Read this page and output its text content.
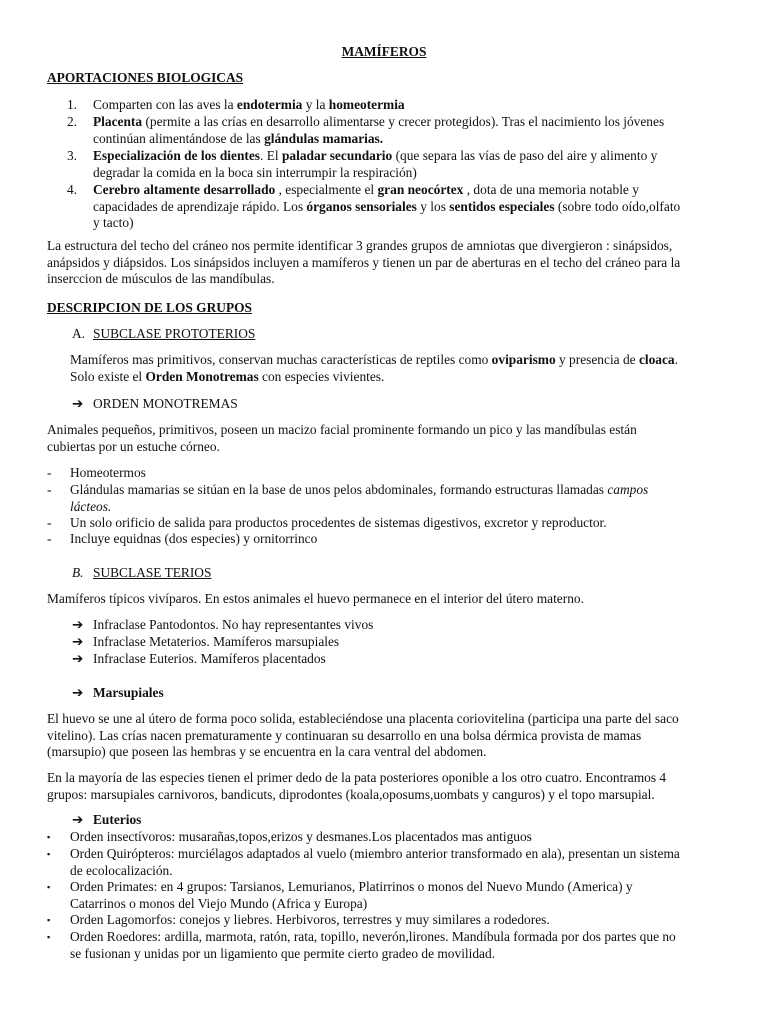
MAMÍFEROS
APORTACIONES BIOLOGICAS
1. Comparten con las aves la endotermia y la homeotermia
2. Placenta (permite a las crías en desarrollo alimentarse y crecer protegidos). Tras el nacimiento los jóvenes
continúan alimentándose de las glándulas mamarias.
3. Especialización de los dientes. El paladar secundario (que separa las vías de paso del aire y alimento y
degradar la comida en la boca sin interrumpir la respiración)
4. Cerebro altamente desarrollado , especialmente el gran neocórtex , dota de una memoria notable y
capacidades de aprendizaje rápido. Los órganos sensoriales y los sentidos especiales (sobre todo oído,olfato
y tacto)
La estructura del techo del cráneo nos permite identificar 3 grandes grupos de amniotas que divergieron : sinápsidos,
anápsidos y diápsidos. Los sinápsidos incluyen a mamíferos y tienen un par de aberturas en el techo del cráneo para la
inserccion de músculos de las mandíbulas.
DESCRIPCION DE LOS GRUPOS
A. SUBCLASE PROTOTERIOS
Mamíferos mas primitivos, conservan muchas características de reptiles como oviparismo y presencia de cloaca.
Solo existe el Orden Monotremas con especies vivientes.
➔ ORDEN MONOTREMAS
Animales pequeños, primitivos, poseen un macizo facial prominente formando un pico y las mandíbulas están
cubiertas por un estuche córneo.
- Homeotermos
- Glándulas mamarias se sitúan en la base de unos pelos abdominales, formando estructuras llamadas campos
lácteos.
- Un solo orificio de salida para productos procedentes de sistemas digestivos, excretor y reproductor.
- Incluye equidnas (dos especies) y ornitorrinco
B. SUBCLASE TERIOS
Mamíferos típicos vivíparos. En estos animales el huevo permanece en el interior del útero materno.
➔ Infraclase Pantodontos. No hay representantes vivos
➔ Infraclase Metaterios. Mamíferos marsupiales
➔ Infraclase Euterios. Mamíferos placentados
➔ Marsupiales
El huevo se une al útero de forma poco solida, estableciéndose una placenta coriovitelina (participa una parte del saco
vitelino). Las crías nacen prematuramente y continuaran su desarrollo en una bolsa dérmica provista de mamas
(marsupio) que poseen las hembras y se encuentra en la cara ventral del abdomen.
En la mayoría de las especies tienen el primer dedo de la pata posteriores oponible a los otro cuatro. Encontramos 4
grupos: marsupiales carnivoros, bandicuts, diprodontes (koala,oposums,uombats y canguros) y el topo marsupial.
➔ Euterios
▪ Orden insectívoros: musarañas,topos,erizos y desmanes.Los placentados mas antiguos
▪ Orden Quirópteros: murciélagos adaptados al vuelo (miembro anterior transformado en ala), presentan un sistema
de ecolocalización.
▪ Orden Primates: en 4 grupos: Tarsianos, Lemurianos, Platirrinos o monos del Nuevo Mundo (America) y
Catarrinos o monos del Viejo Mundo (Africa y Europa)
▪ Orden Lagomorfos: conejos y liebres. Herbivoros, terrestres y muy similares a rodedores.
▪ Orden Roedores: ardilla, marmota, ratón, rata, topillo, neverón,lirones. Mandíbula formada por dos partes que no
se fusionan y unidas por un ligamiento que permite cierto gradeo de movilidad.
